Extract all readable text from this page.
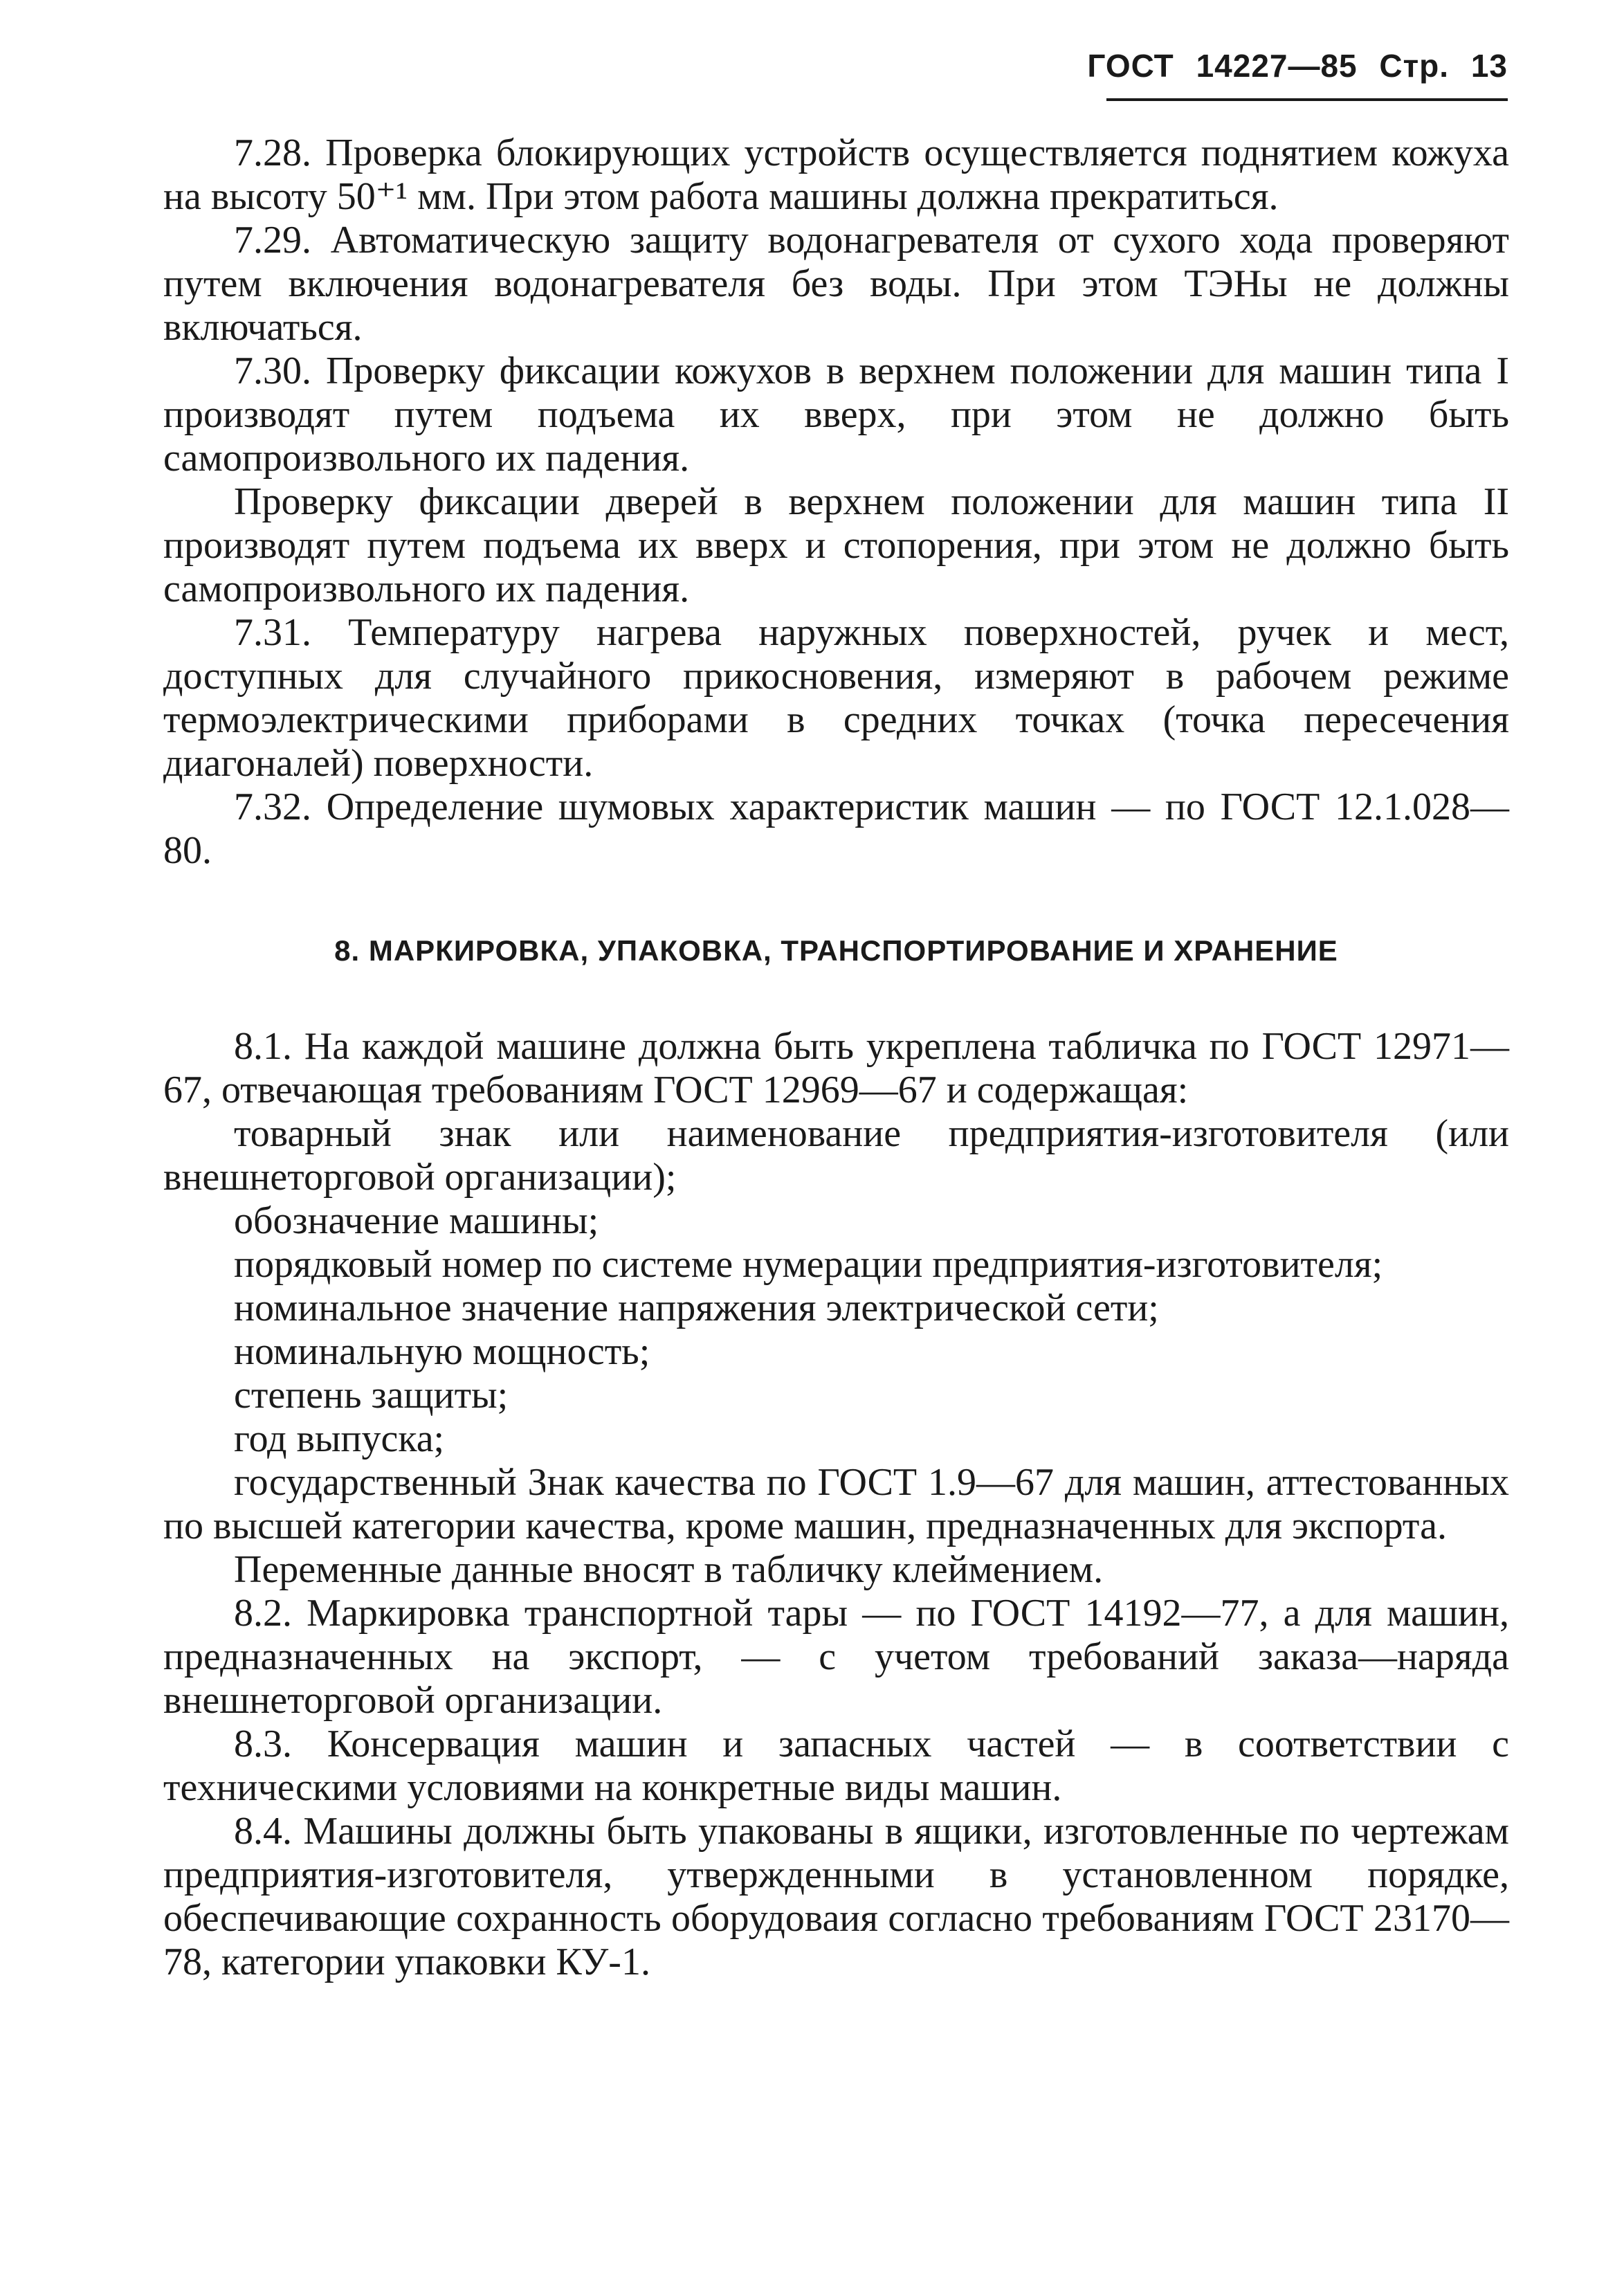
ГОСТ 14227—85 Стр. 13

7.28. Проверка блокирующих устройств осуществляется поднятием кожуха на высоту 50⁺¹ мм. При этом работа машины должна прекратиться.

7.29. Автоматическую защиту водонагревателя от сухого хода проверяют путем включения водонагревателя без воды. При этом ТЭНы не должны включаться.

7.30. Проверку фиксации кожухов в верхнем положении для машин типа I производят путем подъема их вверх, при этом не должно быть самопроизвольного их падения.

Проверку фиксации дверей в верхнем положении для машин типа II производят путем подъема их вверх и стопорения, при этом не должно быть самопроизвольного их падения.

7.31. Температуру нагрева наружных поверхностей, ручек и мест, доступных для случайного прикосновения, измеряют в рабочем режиме термоэлектрическими приборами в средних точках (точка пересечения диагоналей) поверхности.

7.32. Определение шумовых характеристик машин — по ГОСТ 12.1.028—80.

8. МАРКИРОВКА, УПАКОВКА, ТРАНСПОРТИРОВАНИЕ И ХРАНЕНИЕ

8.1. На каждой машине должна быть укреплена табличка по ГОСТ 12971—67, отвечающая требованиям ГОСТ 12969—67 и содержащая:

товарный знак или наименование предприятия-изготовителя (или внешнеторговой организации);

обозначение машины;

порядковый номер по системе нумерации предприятия-изготовителя;

номинальное значение напряжения электрической сети;

номинальную мощность;

степень защиты;

год выпуска;

государственный Знак качества по ГОСТ 1.9—67 для машин, аттестованных по высшей категории качества, кроме машин, предназначенных для экспорта.

Переменные данные вносят в табличку клеймением.

8.2. Маркировка транспортной тары — по ГОСТ 14192—77, а для машин, предназначенных на экспорт, — с учетом требований заказа—наряда внешнеторговой организации.

8.3. Консервация машин и запасных частей — в соответствии с техническими условиями на конкретные виды машин.

8.4. Машины должны быть упакованы в ящики, изготовленные по чертежам предприятия-изготовителя, утвержденными в установленном порядке, обеспечивающие сохранность оборудоваия согласно требованиям ГОСТ 23170—78, категории упаковки КУ-1.
